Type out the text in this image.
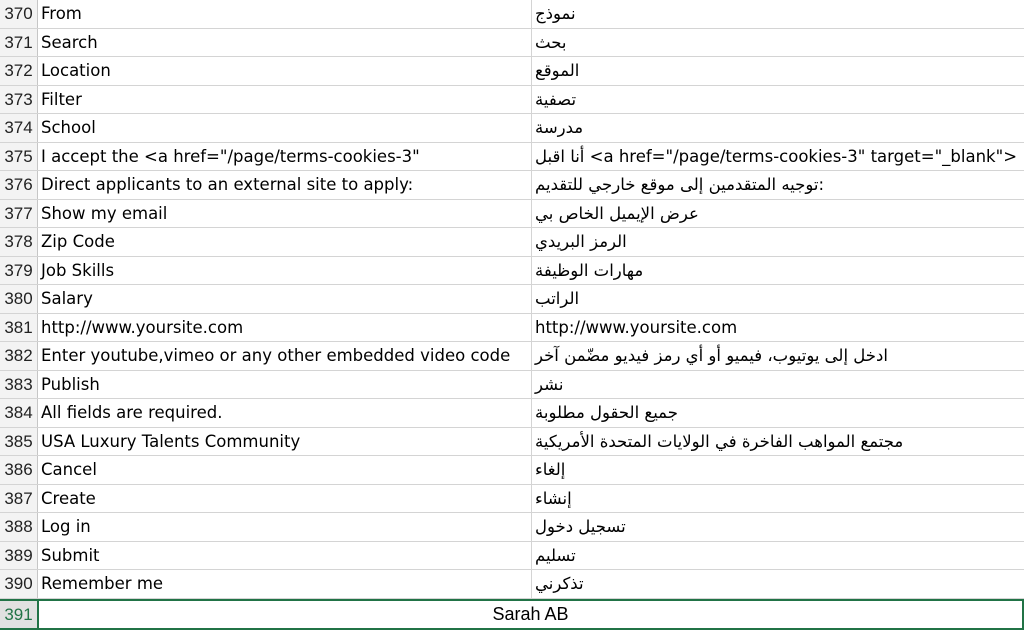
370 From	نموذج
371 Search	بحث
372 Location	الموقع
373 Filter	تصفية
374 School	مدرسة
375 I accept the <a href="/page/terms-cookies-3"	أنا اقبل <a href="/page/terms-cookies-3" target="_blank">
376 Direct applicants to an external site to apply:	توجيه المتقدمين إلى موقع خارجي للتقديم:
377 Show my email	عرض الإيميل الخاص بي
378 Zip Code	الرمز البريدي
379 Job Skills	مهارات الوظيفة
380 Salary	الراتب
381 http://www.yoursite.com	http://www.yoursite.com
382 Enter youtube,vimeo or any other embedded video code	ادخل إلى يوتيوب، فيميو أو أي رمز فيديو مضّمن آخر
383 Publish	نشر
384 All fields are required.	جميع الحقول مطلوبة
385 USA Luxury Talents Community	مجتمع المواهب الفاخرة في الولايات المتحدة الأمريكية
386 Cancel	إلغاء
387 Create	إنشاء
388 Log in	تسجيل دخول
389 Submit	تسليم
390 Remember me	تذكرني
391	Sarah AB
